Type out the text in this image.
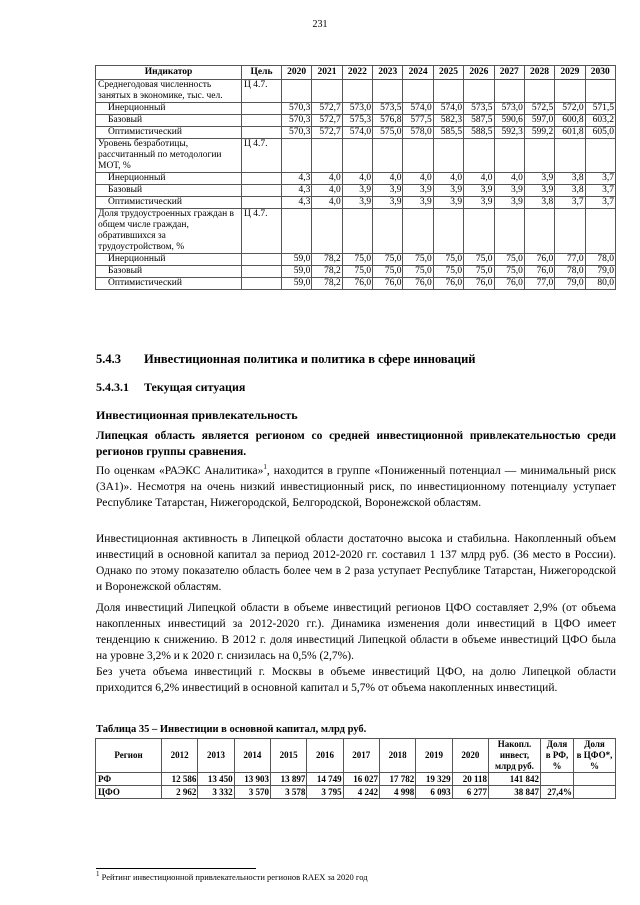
231
Индикатор	Цель	2020	2021	2022	2023	2024	2025	2026	2027	2028	2029	2030
Среднегодовая численность занятых в экономике, тыс. чел.	Ц 4.7.											
Инерционный		570,3	572,7	573,0	573,5	574,0	574,0	573,5	573,0	572,5	572,0	571,5
Базовый		570,3	572,7	575,3	576,8	577,5	582,3	587,5	590,6	597,0	600,8	603,2
Оптимистический		570,3	572,7	574,0	575,0	578,0	585,5	588,5	592,3	599,2	601,8	605,0
Уровень безработицы, рассчитанный по методологии МОТ, %	Ц 4.7.											
Инерционный		4,3	4,0	4,0	4,0	4,0	4,0	4,0	4,0	3,9	3,8	3,7
Базовый		4,3	4,0	3,9	3,9	3,9	3,9	3,9	3,9	3,9	3,8	3,7
Оптимистический		4,3	4,0	3,9	3,9	3,9	3,9	3,9	3,9	3,8	3,7	3,7
Доля трудоустроенных граждан в общем числе граждан, обратившихся за трудоустройством, %	Ц 4.7.											
Инерционный		59,0	78,2	75,0	75,0	75,0	75,0	75,0	75,0	76,0	77,0	78,0
Базовый		59,0	78,2	75,0	75,0	75,0	75,0	75,0	75,0	76,0	78,0	79,0
Оптимистический		59,0	78,2	76,0	76,0	76,0	76,0	76,0	76,0	77,0	79,0	80,0
5.4.3 Инвестиционная политика и политика в сфере инноваций
5.4.3.1 Текущая ситуация
Инвестиционная привлекательность

Липецкая область является регионом со средней инвестиционной привлекательностью среди регионов группы сравнения.

По оценкам «РАЭКС Аналитика»$^1$, находится в группе «Пониженный потенциал — минимальный риск (3А1)». Несмотря на очень низкий инвестиционный риск, по инвестиционному потенциалу уступает Республике Татарстан, Нижегородской, Белгородской, Воронежской областям.

Инвестиционная активность в Липецкой области достаточно высока и стабильна. Накопленный объем инвестиций в основной капитал за период 2012-2020 гг. составил 1 137 млрд руб. (36 место в России). Однако по этому показателю область более чем в 2 раза уступает Республике Татарстан, Нижегородской и Воронежской областям.

Доля инвестиций Липецкой области в объеме инвестиций регионов ЦФО составляет 2,9% (от объема накопленных инвестиций за 2012-2020 гг.). Динамика изменения доли инвестиций в ЦФО имеет тенденцию к снижению. В 2012 г. доля инвестиций Липецкой области в объеме инвестиций ЦФО была на уровне 3,2% и к 2020 г. снизилась на 0,5% (2,7%).

Без учета объема инвестиций г. Москвы в объеме инвестиций ЦФО, на долю Липецкой области приходится 6,2% инвестиций в основной капитал и 5,7% от объема накопленных инвестиций.

Таблица 35 – Инвестиции в основной капитал, млрд руб.
Регион	2012	2013	2014	2015	2016	2017	2018	2019	2020	Накопл.
инвест,
млрд руб.	Доля
в РФ,
%	Доля
в ЦФО*,
%

РФ	12 586	13 450	13 903	13 897	14 749	16 027	17 782	19 329	20 118	141 842		
ЦФО	2 962	3 332	3 570	3 578	3 795	4 242	4 998	6 093	6 277	38 847	27,4%	
$^1$ Рейтинг инвестиционной привлекательности регионов RAEX за 2020 год
